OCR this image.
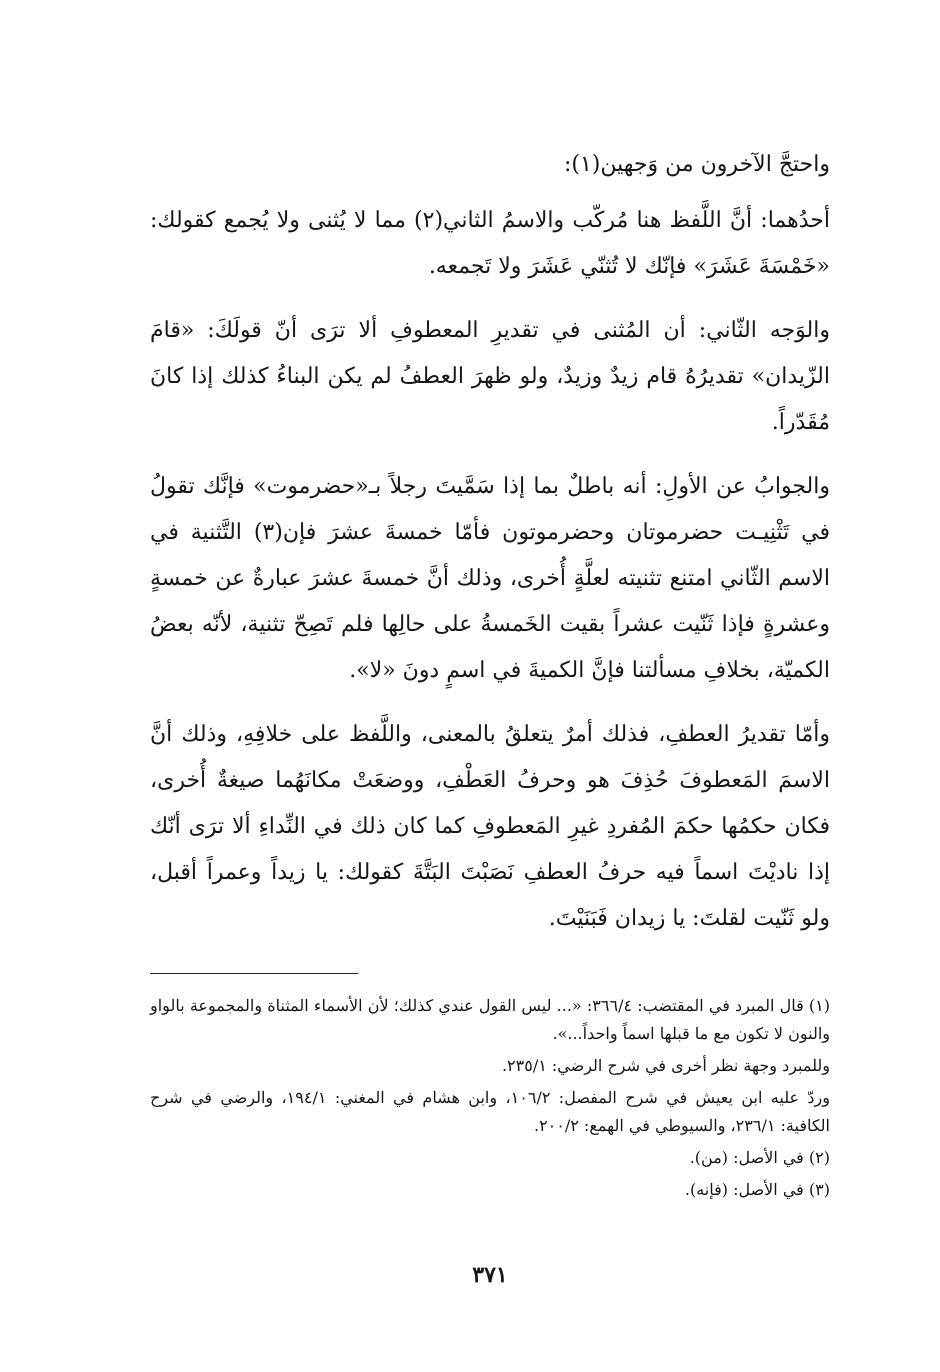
واحتجَّ الآخرون من وَجهين(١):

أحدُهما: أنَّ اللَّفظ هنا مُركّب والاسمُ الثاني(٢) مما لا يُثنى ولا يُجمع كقولك: «خَمْسَةَ عَشَرَ» فإنّك لا تُثنّي عَشَرَ ولا تَجمعه.

والوَجه الثّاني: أن المُثنى في تقديرِ المعطوفِ ألا ترَى أنّ قولَكَ: «قامَ الزّيدان» تقديرُهُ قام زيدٌ وزيدٌ، ولو ظهرَ العطفُ لم يكن البناءُ كذلك إذا كانَ مُقَدّراً.

والجوابُ عن الأولِ: أنه باطلٌ بما إذا سَمَّيتَ رجلاً بـ«حضرموت» فإنَّك تقولُ في تَثْنِيـت حضرموتان وحضرموتون فأمّا خمسةَ عشرَ فإن(٣) التَّثنية في الاسم الثّاني امتنع تثنيته لعلَّةٍ أُخرى، وذلك أنَّ خمسةَ عشرَ عبارةٌ عن خمسةٍ وعشرةٍ فإذا ثَنّيت عشراً بقيت الخَمسةُ على حالِها فلم تَصِحّ تثنية، لأنّه بعضُ الكميّة، بخلافِ مسألتنا فإنَّ الكميةَ في اسمٍ دونَ «لا».

وأمّا تقديرُ العطفِ، فذلك أمرٌ يتعلقُ بالمعنى، واللَّفظ على خلافِهِ، وذلك أنَّ الاسمَ المَعطوفَ حُذِفَ هو وحرفُ العَطْفِ، ووضعَتْ مكانَهُما صيغةٌ أُخرى، فكان حكمُها حكمَ المُفردِ غيرِ المَعطوفِ كما كان ذلك في النِّداءِ ألا ترَى أنّك إذا ناديْتَ اسماً فيه حرفُ العطفِ نَصَبْتَ البَتَّةَ كقولك: يا زيداً وعمراً أقبل، ولو ثَنّيت لقلتَ: يا زيدان فَبَنَيْتَ.

(١) قال المبرد في المقتضب: ٣٦٦/٤: «... ليس القول عندي كذلك؛ لأن الأسماء المثناة والمجموعة بالواو والنون لا تكون مع ما قبلها اسماً واحداً...».

وللمبرد وجهة نظر أخرى في شرح الرضي: ٢٣٥/١.

وردّ عليه ابن يعيش في شرح المفصل: ١٠٦/٢، وابن هشام في المغني: ١٩٤/١، والرضي في شرح الكافية: ٢٣٦/١، والسيوطي في الهمع: ٢٠٠/٢.

(٢) في الأصل: (من).

(٣) في الأصل: (فإنه).

٣٧١
